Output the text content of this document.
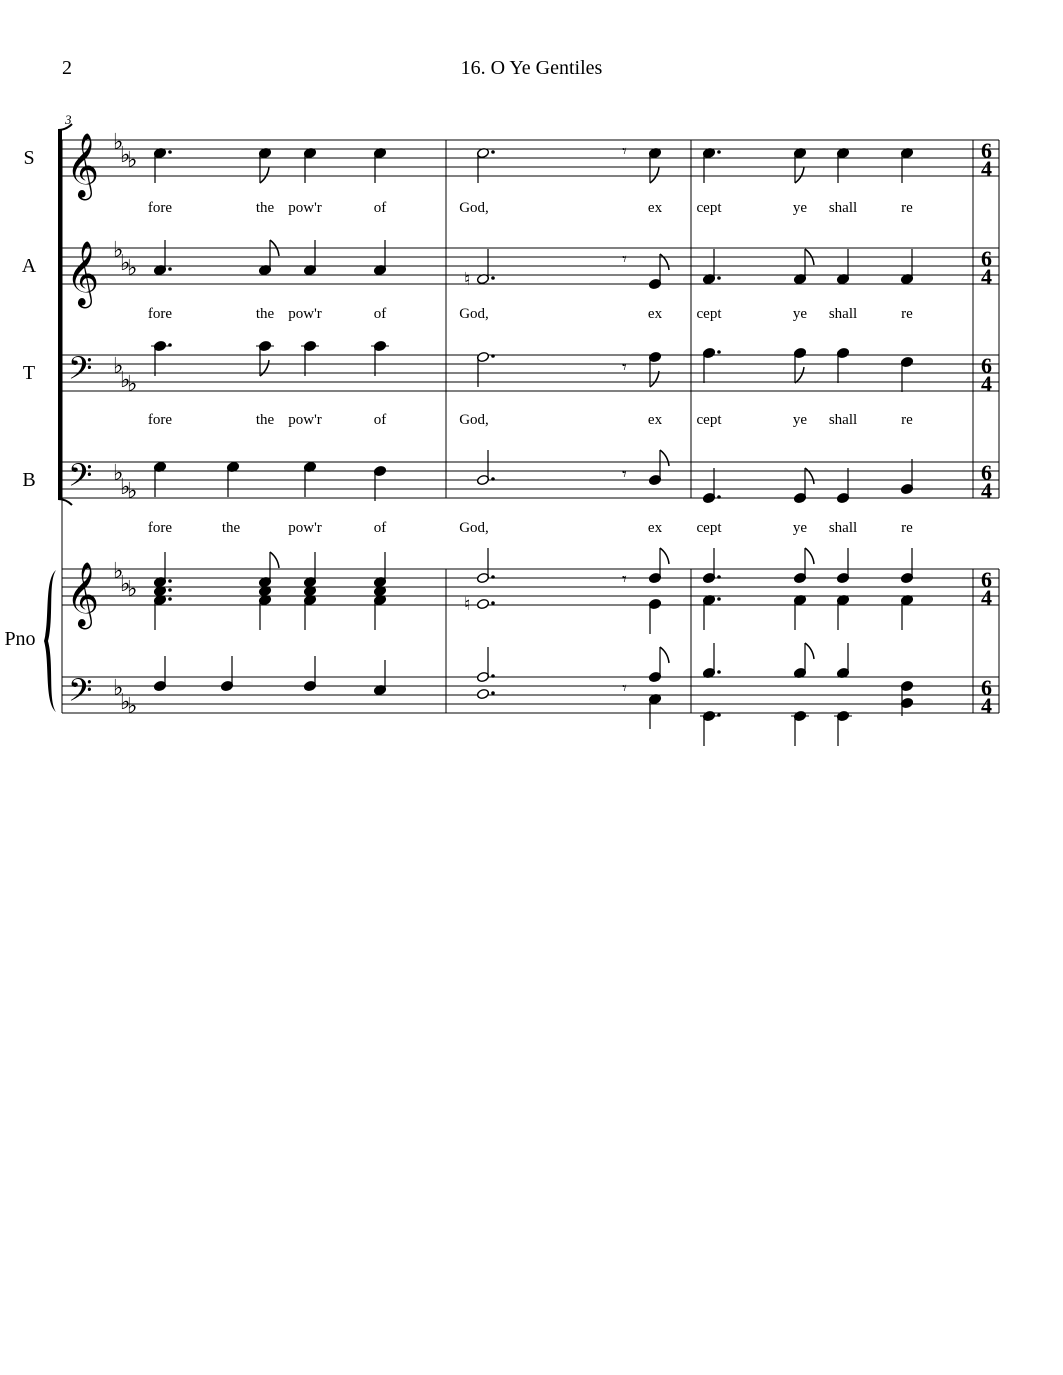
2	16. O Ye Gentiles
3
S
A
T
B
Pno
𝄞
𝄞
𝄢
𝄢
𝄞
𝄢
♭
♭
♭
♭
♭
♭
♭
♭
♭
♭
♭
♭
♭
♭
♭
♭
♭
♭
6
4
6
4
6
4
6
4
6
4
6
4
𝄾
♮
𝄾
𝄾
𝄾
♮
𝄾
𝄾
fore	the pow'r	of	God,	ex cept	ye shall	re
fore	the pow'r	of	God,	ex cept	ye shall	re
fore	the pow'r	of	God,	ex cept	ye shall	re
fore	the	pow'r	of	God,	ex cept	ye shall	re
